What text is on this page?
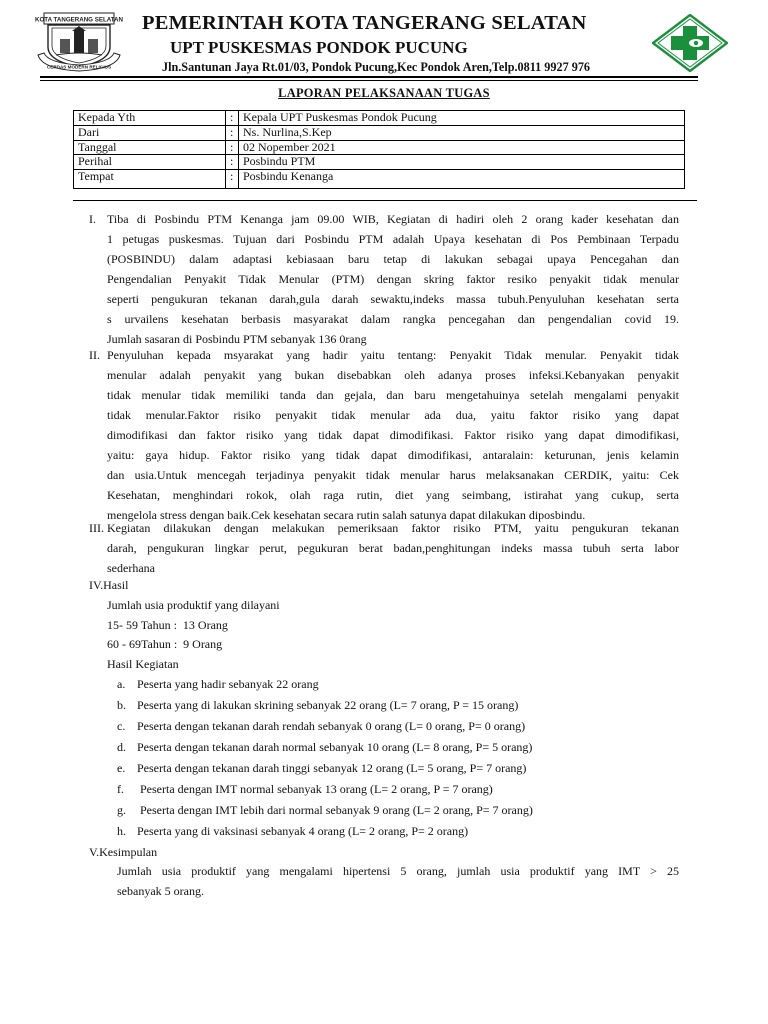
KOTA TANGERANG SELATAN
CERDAS MODERN RELIGIUS
PEMERINTAH KOTA TANGERANG SELATAN
UPT PUSKESMAS PONDOK PUCUNG
Jln.Santunan Jaya Rt.01/03, Pondok Pucung,Kec Pondok Aren,Telp.0811 9927 976
LAPORAN PELAKSANAAN TUGAS
Kepada Yth	:	Kepala UPT Puskesmas Pondok Pucung
Dari	:	Ns. Nurlina,S.Kep
Tanggal	:	02 Nopember 2021
Perihal	:	Posbindu PTM
Tempat	:	Posbindu Kenanga
I. Tiba di Posbindu PTM Kenanga jam 09.00 WIB, Kegiatan di hadiri oleh 2 orang kader kesehatan dan
1 petugas puskesmas. Tujuan dari Posbindu PTM adalah Upaya kesehatan di Pos Pembinaan Terpadu
(POSBINDU) dalam adaptasi kebiasaan baru tetap di lakukan sebagai upaya Pencegahan dan
Pengendalian Penyakit Tidak Menular (PTM) dengan skring faktor resiko penyakit tidak menular
seperti pengukuran tekanan darah,gula darah sewaktu,indeks massa tubuh.Penyuluhan kesehatan serta
s urvailens kesehatan berbasis masyarakat dalam rangka pencegahan dan pengendalian covid 19.
Jumlah sasaran di Posbindu PTM sebanyak 136 0rang
II. Penyuluhan kepada msyarakat yang hadir yaitu tentang: Penyakit Tidak menular. Penyakit tidak
menular adalah penyakit yang bukan disebabkan oleh adanya proses infeksi.Kebanyakan penyakit
tidak menular tidak memiliki tanda dan gejala, dan baru mengetahuinya setelah mengalami penyakit
tidak menular.Faktor risiko penyakit tidak menular ada dua, yaitu faktor risiko yang dapat
dimodifikasi dan faktor risiko yang tidak dapat dimodifikasi. Faktor risiko yang dapat dimodifikasi,
yaitu: gaya hidup. Faktor risiko yang tidak dapat dimodifikasi, antaralain: keturunan, jenis kelamin
dan usia.Untuk mencegah terjadinya penyakit tidak menular harus melaksanakan CERDIK, yaitu: Cek
Kesehatan, menghindari rokok, olah raga rutin, diet yang seimbang, istirahat yang cukup, serta
mengelola stress dengan baik.Cek kesehatan secara rutin salah satunya dapat dilakukan diposbindu.
III. Kegiatan dilakukan dengan melakukan pemeriksaan faktor risiko PTM, yaitu pengukuran tekanan
darah, pengukuran lingkar perut, pegukuran berat badan,penghitungan indeks massa tubuh serta labor
sederhana
IV.Hasil
Jumlah usia produktif yang dilayani
15- 59 Tahun :  13 Orang
60 - 69Tahun :  9 Orang
Hasil Kegiatan
a. Peserta yang hadir sebanyak 22 orang
b. Peserta yang di lakukan skrining sebanyak 22 orang (L= 7 orang, P = 15 orang)
c. Peserta dengan tekanan darah rendah sebanyak 0 orang (L= 0 orang, P= 0 orang)
d. Peserta dengan tekanan darah normal sebanyak 10 orang (L= 8 orang, P= 5 orang)
e. Peserta dengan tekanan darah tinggi sebanyak 12 orang (L= 5 orang, P= 7 orang)
f. Peserta dengan IMT normal sebanyak 13 orang (L= 2 orang, P = 7 orang)
g. Peserta dengan IMT lebih dari normal sebanyak 9 orang (L= 2 orang, P= 7 orang)
h. Peserta yang di vaksinasi sebanyak 4 orang (L= 2 orang, P= 2 orang)
V.Kesimpulan
Jumlah usia produktif yang mengalami hipertensi 5 orang, jumlah usia produktif yang IMT > 25
sebanyak 5 orang.
